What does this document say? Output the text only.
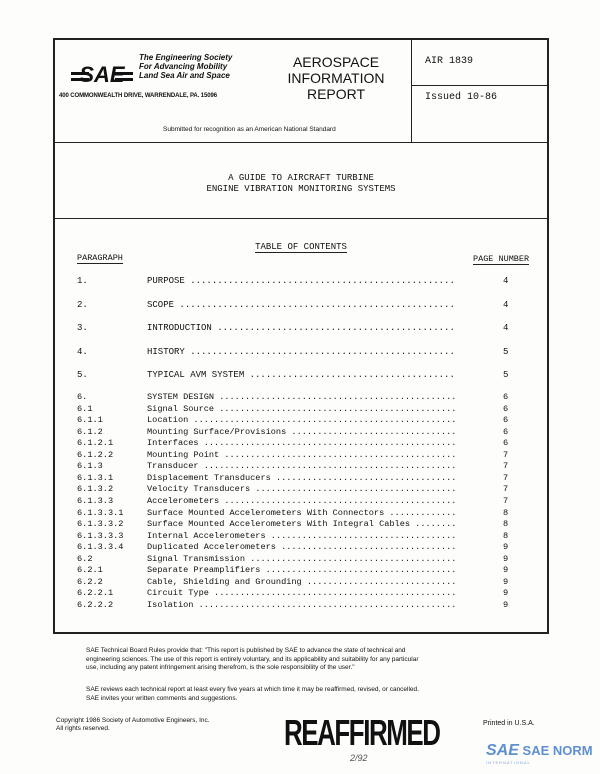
SAE
The Engineering Society
For Advancing Mobility
Land Sea Air and Space
400 COMMONWEALTH DRIVE, WARRENDALE, PA. 15096
AEROSPACE
INFORMATION
REPORT
AIR 1839
Issued 10-86
Submitted for recognition as an American National Standard
A GUIDE TO AIRCRAFT TURBINE
ENGINE VIBRATION MONITORING SYSTEMS
TABLE OF CONTENTS
PARAGRAPH	PAGE NUMBER
1.	PURPOSE .....	4
2.	SCOPE .....	4
3.	INTRODUCTION .....	4
4.	HISTORY .....	5
5.	TYPICAL AVM SYSTEM .....	5
6.	SYSTEM DESIGN .....	6
6.1	Signal Source .....	6
6.1.1	Location .....	6
6.1.2	Mounting Surface/Provisions .....	6
6.1.2.1	Interfaces .....	6
6.1.2.2	Mounting Point .....	7
6.1.3	Transducer .....	7
6.1.3.1	Displacement Transducers .....	7
6.1.3.2	Velocity Transducers .....	7
6.1.3.3	Accelerometers .....	7
6.1.3.3.1	Surface Mounted Accelerometers With Connectors .....	8
6.1.3.3.2	Surface Mounted Accelerometers With Integral Cables .....	8
6.1.3.3.3	Internal Accelerometers .....	8
6.1.3.3.4	Duplicated Accelerometers .....	9
6.2	Signal Transmission .....	9
6.2.1	Separate Preamplifiers .....	9
6.2.2	Cable, Shielding and Grounding .....	9
6.2.2.1	Circuit Type .....	9
6.2.2.2	Isolation .....	9
SAE Technical Board Rules provide that: "This report is published by SAE to advance the state of technical and
engineering sciences. The use of this report is entirely voluntary, and its applicability and suitability for any particular
use, including any patent infringement arising therefrom, is the sole responsibility of the user."
SAE reviews each technical report at least every five years at which time it may be reaffirmed, revised, or cancelled.
SAE invites your written comments and suggestions.
Copyright 1986 Society of Automotive Engineers, Inc.
All rights reserved.	REAFFIRMED
2/92
Printed in U.S.A.
SAE SAE NORM
INTERNATIONAL
